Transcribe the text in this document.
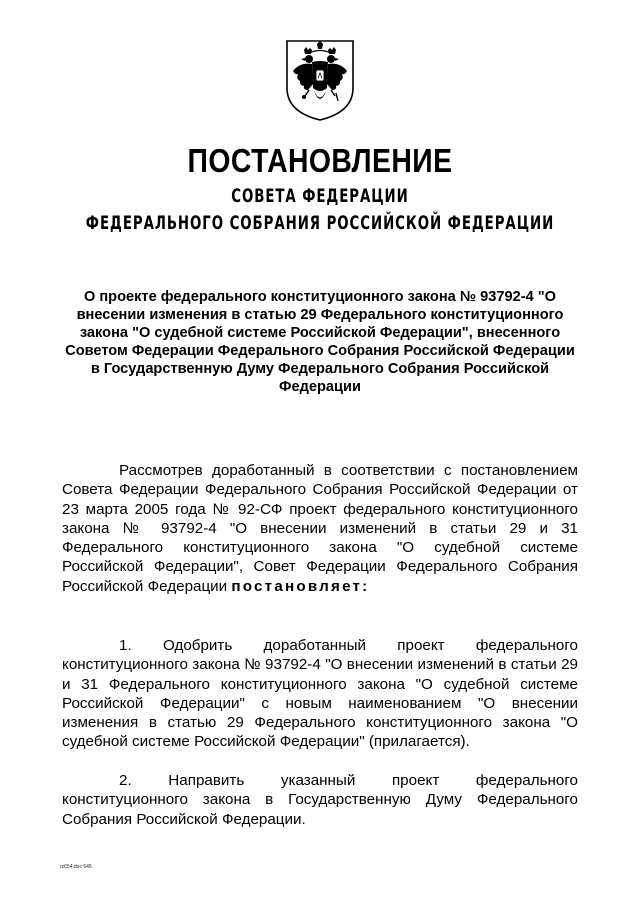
ПОСТАНОВЛЕНИЕ
СОВЕТА ФЕДЕРАЦИИ
ФЕДЕРАЛЬНОГО СОБРАНИЯ РОССИЙСКОЙ ФЕДЕРАЦИИ
О проекте федерального конституционного закона № 93792-4 "О внесении изменения в статью 29 Федерального конституционного закона "О судебной системе Российской Федерации", внесенного Советом Федерации Федерального Собрания Российской Федерации в Государственную Думу Федерального Собрания Российской Федерации
Рассмотрев доработанный в соответствии с постановлением Совета Федерации Федерального Собрания Российской Федерации от 23 марта 2005 года № 92-СФ проект федерального конституционного закона № 93792-4 "О внесении изменений в статьи 29 и 31 Федерального конституционного закона "О судебной системе Российской Федерации", Совет Федерации Федерального Собрания Российской Федерации постановляет:
1. Одобрить доработанный проект федерального конституционного закона № 93792-4 "О внесении изменений в статьи 29 и 31 Федерального конституционного закона "О судебной системе Российской Федерации" с новым наименованием "О внесении изменения в статью 29 Федерального конституционного закона "О судебной системе Российской Федерации" (прилагается).
2. Направить указанный проект федерального конституционного закона в Государственную Думу Федерального Собрания Российской Федерации.
rz654.doc 645
